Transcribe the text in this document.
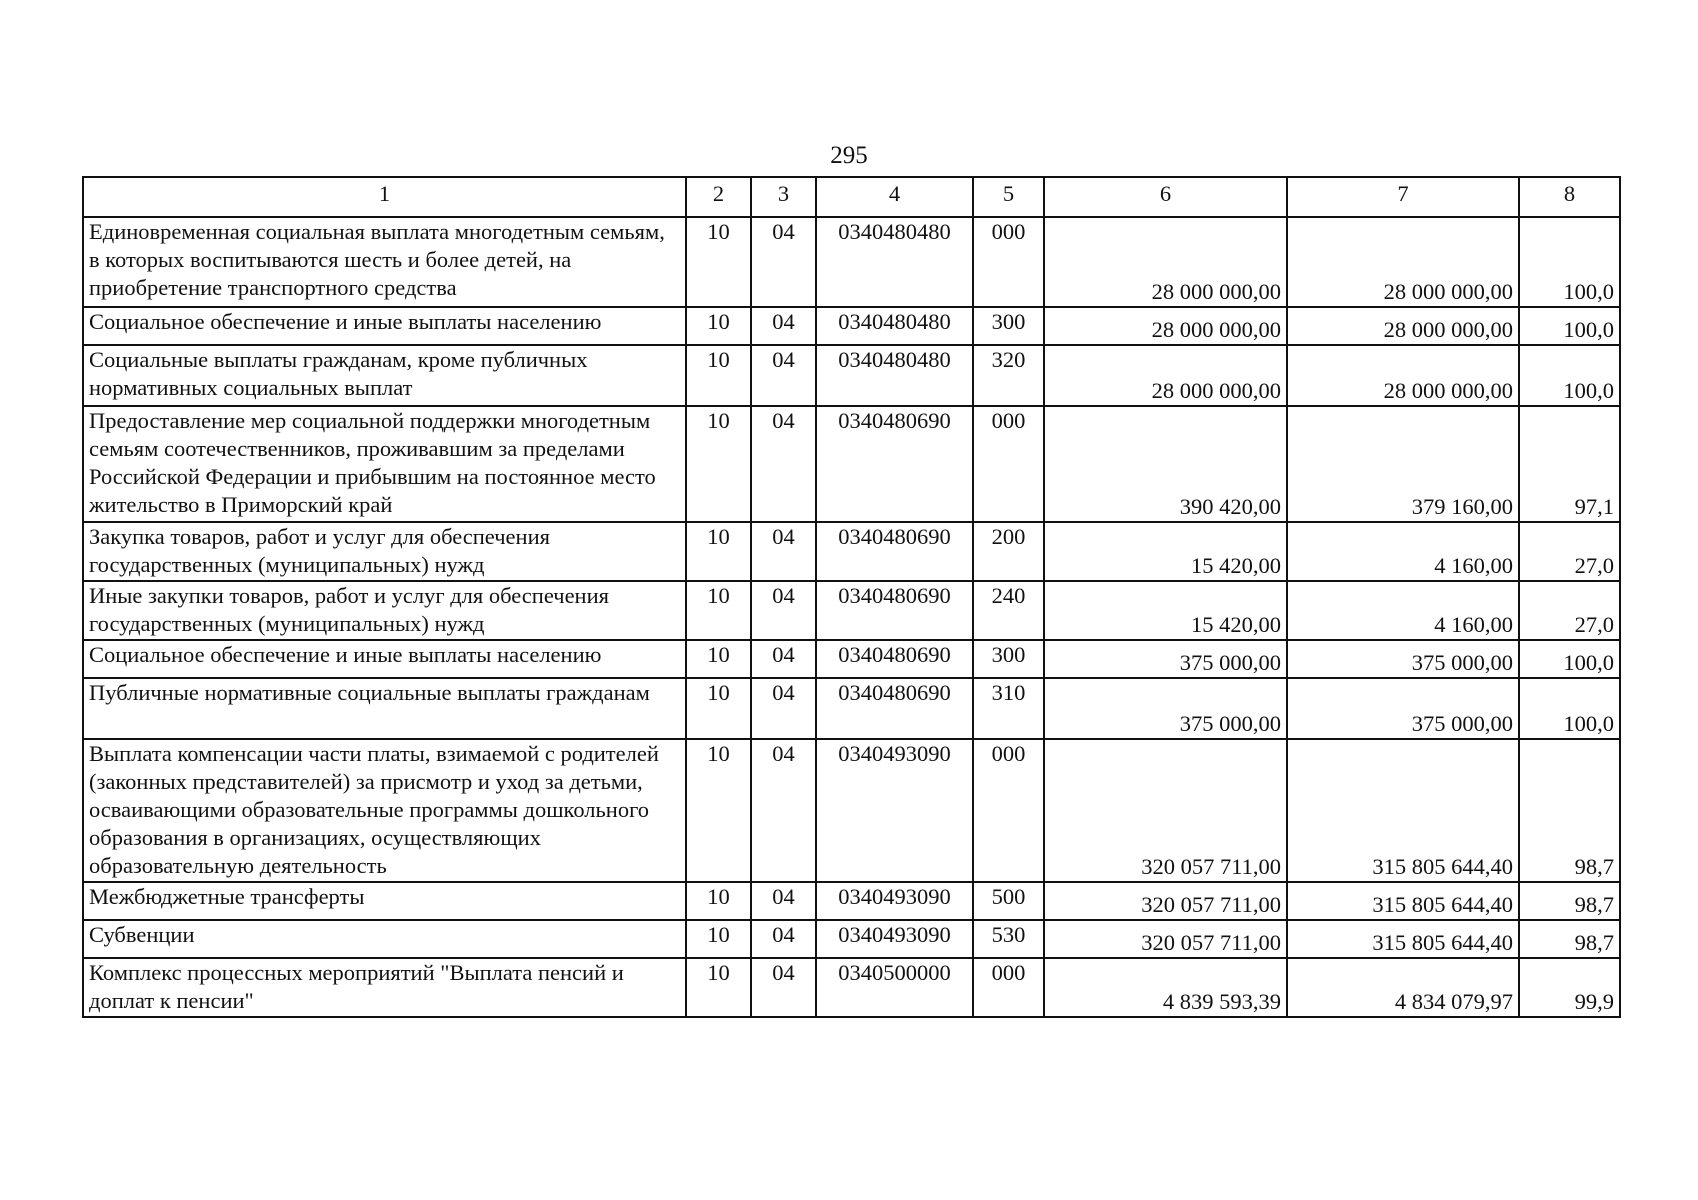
295
1	2	3	4	5	6	7	8
Единовременная социальная выплата многодетным семьям, в которых воспитываются шесть и более детей, на приобретение транспортного средства	10	04	0340480480	000	28 000 000,00	28 000 000,00	100,0
Социальное обеспечение и иные выплаты населению	10	04	0340480480	300	28 000 000,00	28 000 000,00	100,0
Социальные выплаты гражданам, кроме публичных нормативных социальных выплат	10	04	0340480480	320	28 000 000,00	28 000 000,00	100,0
Предоставление мер социальной поддержки многодетным семьям соотечественников, проживавшим за пределами Российской Федерации и прибывшим на постоянное место жительство в Приморский край	10	04	0340480690	000	390 420,00	379 160,00	97,1
Закупка товаров, работ и услуг для обеспечения государственных (муниципальных) нужд	10	04	0340480690	200	15 420,00	4 160,00	27,0
Иные закупки товаров, работ и услуг для обеспечения государственных (муниципальных) нужд	10	04	0340480690	240	15 420,00	4 160,00	27,0
Социальное обеспечение и иные выплаты населению	10	04	0340480690	300	375 000,00	375 000,00	100,0
Публичные нормативные социальные выплаты гражданам	10	04	0340480690	310	375 000,00	375 000,00	100,0
Выплата компенсации части платы, взимаемой с родителей (законных представителей) за присмотр и уход за детьми, осваивающими образовательные программы дошкольного образования в организациях, осуществляющих образовательную деятельность	10	04	0340493090	000	320 057 711,00	315 805 644,40	98,7
Межбюджетные трансферты	10	04	0340493090	500	320 057 711,00	315 805 644,40	98,7
Субвенции	10	04	0340493090	530	320 057 711,00	315 805 644,40	98,7
Комплекс процессных мероприятий "Выплата пенсий и доплат к пенсии"	10	04	0340500000	000	4 839 593,39	4 834 079,97	99,9
